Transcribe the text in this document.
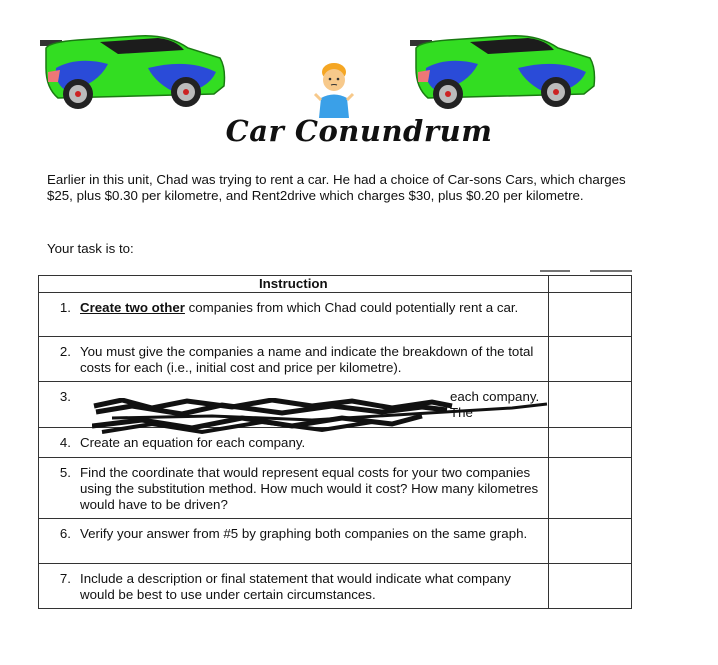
Car Conundrum
Earlier in this unit, Chad was trying to rent a car. He had a choice of Car-sons Cars, which charges $25, plus $0.30 per kilometre, and Rent2drive which charges $30, plus $0.20 per kilometre.
Your task is to:
Instruction	

1. Create two other companies from which Chad could potentially rent a car.	

2. You must give the companies a name and indicate the breakdown of the total costs for each (i.e., initial cost and price per kilometre).	

3. each company. The	

4. Create an equation for each company.	

5. Find the coordinate that would represent equal costs for your two companies using the substitution method. How much would it cost? How many kilometres would have to be driven?	

6. Verify your answer from #5 by graphing both companies on the same graph.	

7. Include a description or final statement that would indicate what company would be best to use under certain circumstances.	
